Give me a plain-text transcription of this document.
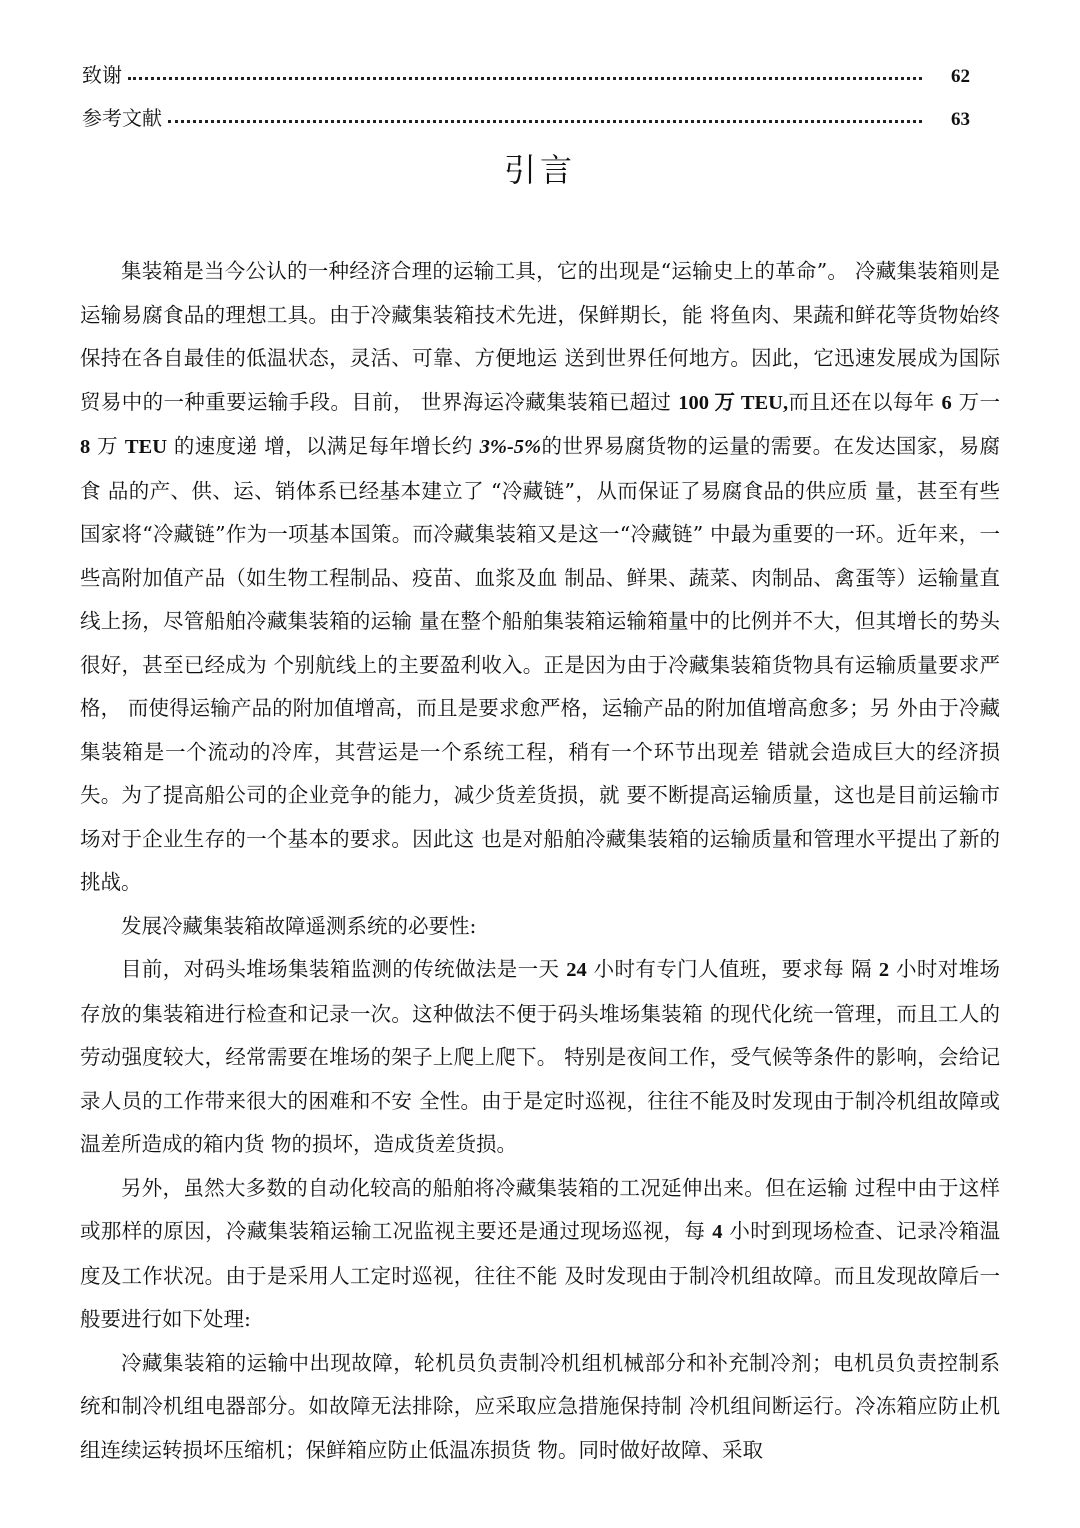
致谢	62
参考文献	63
引言

集装箱是当今公认的一种经济合理的运输工具，它的出现是“运输史上的革命”。 冷藏集装箱则是运输易腐食品的理想工具。由于冷藏集装箱技术先进，保鲜期长，能 将鱼肉、果蔬和鲜花等货物始终保持在各自最佳的低温状态，灵活、可靠、方便地运 送到世界任何地方。因此，它迅速发展成为国际贸易中的一种重要运输手段。目前， 世界海运冷藏集装箱已超过 100 万 TEU,而且还在以每年 6 万一 8 万 TEU 的速度递 增，以满足每年增长约 3%-5%的世界易腐货物的运量的需要。在发达国家，易腐食 品的产、供、运、销体系已经基本建立了 “冷藏链”，从而保证了易腐食品的供应质 量，甚至有些国家将“冷藏链”作为一项基本国策。而冷藏集装箱又是这一“冷藏链” 中最为重要的一环。近年来，一些高附加值产品（如生物工程制品、疫苗、血浆及血 制品、鲜果、蔬菜、肉制品、禽蛋等）运输量直线上扬，尽管船舶冷藏集装箱的运输 量在整个船舶集装箱运输箱量中的比例并不大，但其增长的势头很好，甚至已经成为 个别航线上的主要盈利收入。正是因为由于冷藏集装箱货物具有运输质量要求严格， 而使得运输产品的附加值增高，而且是要求愈严格，运输产品的附加值增高愈多；另 外由于冷藏集装箱是一个流动的冷库，其营运是一个系统工程，稍有一个环节出现差 错就会造成巨大的经济损失。为了提高船公司的企业竞争的能力，减少货差货损，就 要不断提高运输质量，这也是目前运输市场对于企业生存的一个基本的要求。因此这 也是对船舶冷藏集装箱的运输质量和管理水平提出了新的挑战。

发展冷藏集装箱故障遥测系统的必要性:

目前，对码头堆场集装箱监测的传统做法是一天 24 小时有专门人值班，要求每 隔 2 小时对堆场存放的集装箱进行检查和记录一次。这种做法不便于码头堆场集装箱 的现代化统一管理，而且工人的劳动强度较大，经常需要在堆场的架子上爬上爬下。 特别是夜间工作，受气候等条件的影响，会给记录人员的工作带来很大的困难和不安 全性。由于是定时巡视，往往不能及时发现由于制冷机组故障或温差所造成的箱内货 物的损坏，造成货差货损。

另外，虽然大多数的自动化较高的船舶将冷藏集装箱的工况延伸出来。但在运输 过程中由于这样或那样的原因，冷藏集装箱运输工况监视主要还是通过现场巡视，每 4 小时到现场检查、记录冷箱温度及工作状况。由于是采用人工定时巡视，往往不能 及时发现由于制冷机组故障。而且发现故障后一般要进行如下处理:

冷藏集装箱的运输中出现故障，轮机员负责制冷机组机械部分和补充制冷剂；电机员负责控制系统和制冷机组电器部分。如故障无法排除，应采取应急措施保持制 冷机组间断运行。冷冻箱应防止机组连续运转损坏压缩机；保鲜箱应防止低温冻损货 物。同时做好故障、采取
